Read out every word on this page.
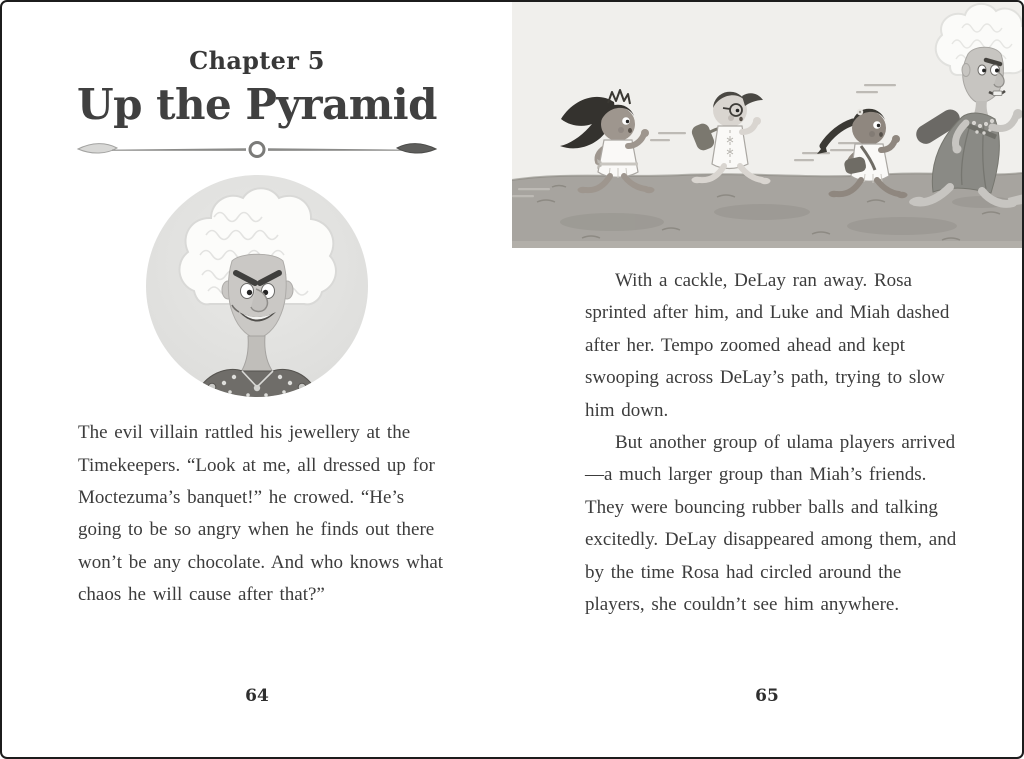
Chapter 5
Up the Pyramid

The evil villain rattled his jewellery at the Timekeepers. “Look at me, all dressed up for Moctezuma’s banquet!” he crowed. “He’s going to be so angry when he finds out there won’t be any chocolate. And who knows what chaos he will cause after that?”

64

With a cackle, DeLay ran away. Rosa sprinted after him, and Luke and Miah dashed after her. Tempo zoomed ahead and kept swooping across DeLay’s path, trying to slow him down.

But another group of ulama players arrived—a much larger group than Miah’s friends. They were bouncing rubber balls and talking excitedly. DeLay disappeared among them, and by the time Rosa had circled around the players, she couldn’t see him anywhere.

65
